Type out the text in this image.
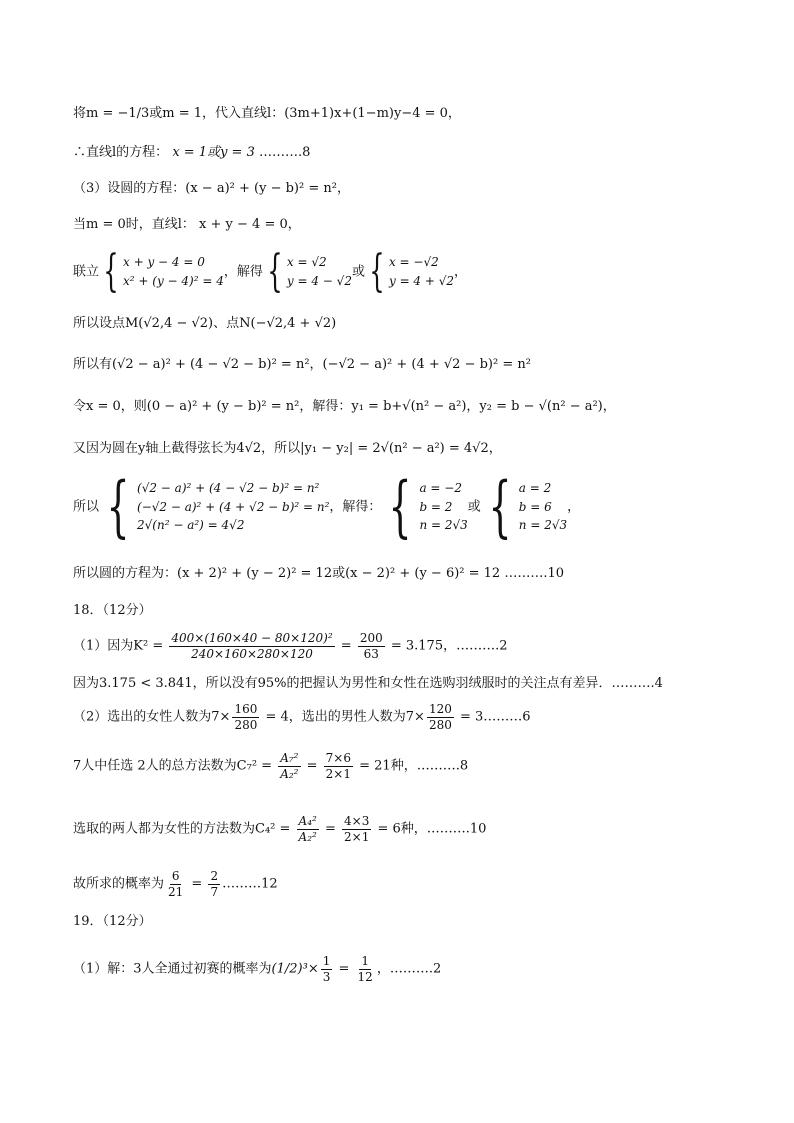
将m = −1/3或m = 1，代入直线l：(3m+1)x+(1−m)y−4 = 0，
∴直线l的方程： x = 1或y = 3 ……….8
（3）设圆的方程：(x − a)² + (y − b)² = n²，
当m = 0时，直线l： x + y − 4 = 0，
联立{ x + y − 4 = 0
x² + (y − 4)² = 4
，解得{ x = √2
y = 4 − √2
或{ x = −√2
y = 4 + √2
，
所以设点M(√2,4 − √2)、点N(−√2,4 + √2)
所以有(√2 − a)² + (4 − √2 − b)² = n²，(−√2 − a)² + (4 + √2 − b)² = n²
令x = 0，则(0 − a)² + (y − b)² = n²，解得：y₁ = b+√(n² − a²)，y₂ = b − √(n² − a²)，
又因为圆在y轴上截得弦长为4√2，所以|y₁ − y₂| = 2√(n² − a²) = 4√2，
所以 { (√2 − a)² + (4 − √2 − b)² = n²
(−√2 − a)² + (4 + √2 − b)² = n²
2√(n² − a²) = 4√2
，解得： { a = −2
b = 2
n = 2√3
或 { a = 2
b = 6
n = 2√3
，
所以圆的方程为：(x + 2)² + (y − 2)² = 12或(x − 2)² + (y − 6)² = 12 ……….10
18．（12分）
（1）因为$K^2 = \frac{\text{400×(160×40 − 80×120)²}}{240\times 160\times 280\times 120} = \frac{200}{63} = 3.175$，……….2
因为3.175 < 3.841，所以没有95%的把握认为男性和女性在选购羽绒服时的关注点有差异．……….4
（2）选出的女性人数为$7\times \frac{160}{280} = 4$，选出的男性人数为$7\times \frac{120}{280}$ = 3………6
7人中任选 2人的总方法数为$C_7^2 = \frac{\text{A₇²}}{\text{A₂²}} = \frac{7\times 6}{2\times 1} = 21$种，……….8
选取的两人都为女性的方法数为$C_4^2 = \frac{\text{A₄²}}{\text{A₂²}} = \frac{4\times 3}{2\times 1} = 6$种，……….10
故所求的概率为 $\frac{6}{21} = \frac{2}{7}$ ………12
19．（12分）
（1）解：3人全通过初赛的概率为$(1/2)^3\times \frac{1}{3} = \frac{1}{12}$ ，……….2
